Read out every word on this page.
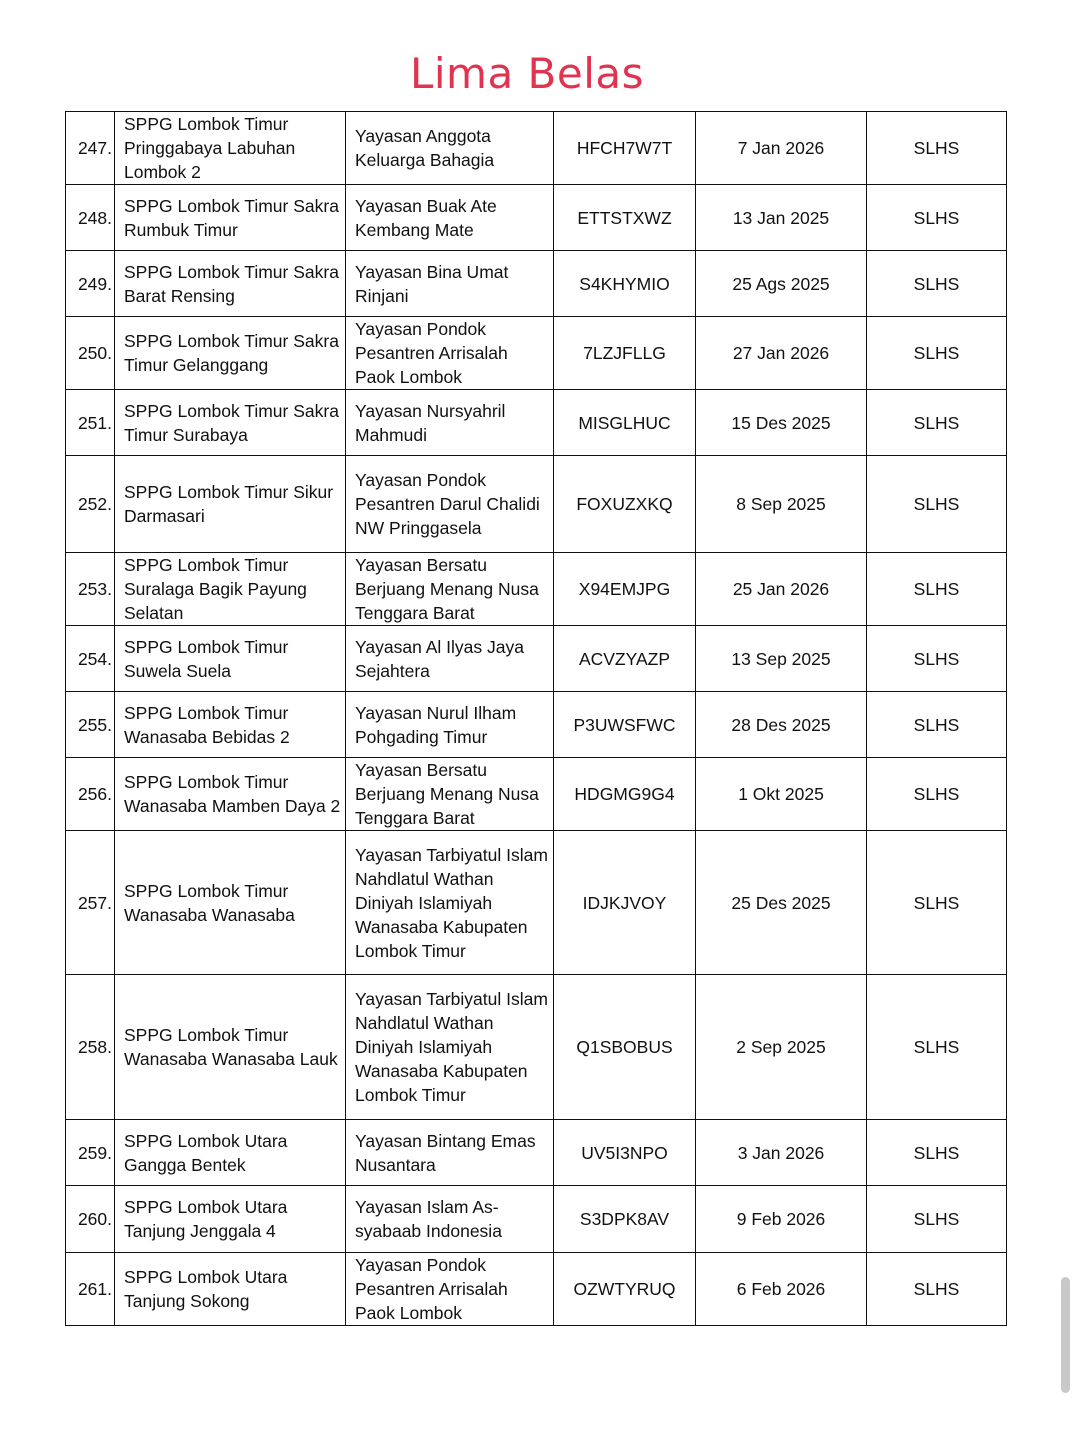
Lima Belas
247.	SPPG Lombok Timur Pringgabaya Labuhan Lombok 2	Yayasan Anggota Keluarga Bahagia	HFCH7W7T	7 Jan 2026	SLHS
248.	SPPG Lombok Timur Sakra Rumbuk Timur	Yayasan Buak Ate Kembang Mate	ETTSTXWZ	13 Jan 2025	SLHS
249.	SPPG Lombok Timur Sakra Barat Rensing	Yayasan Bina Umat Rinjani	S4KHYMIO	25 Ags 2025	SLHS
250.	SPPG Lombok Timur Sakra Timur Gelanggang	Yayasan Pondok Pesantren Arrisalah Paok Lombok	7LZJFLLG	27 Jan 2026	SLHS
251.	SPPG Lombok Timur Sakra Timur Surabaya	Yayasan Nursyahril Mahmudi	MISGLHUC	15 Des 2025	SLHS
252.	SPPG Lombok Timur Sikur Darmasari	Yayasan Pondok Pesantren Darul Chalidi NW Pringgasela	FOXUZXKQ	8 Sep 2025	SLHS
253.	SPPG Lombok Timur Suralaga Bagik Payung Selatan	Yayasan Bersatu Berjuang Menang Nusa Tenggara Barat	X94EMJPG	25 Jan 2026	SLHS
254.	SPPG Lombok Timur Suwela Suela	Yayasan Al Ilyas Jaya Sejahtera	ACVZYAZP	13 Sep 2025	SLHS
255.	SPPG Lombok Timur Wanasaba Bebidas 2	Yayasan Nurul Ilham Pohgading Timur	P3UWSFWC	28 Des 2025	SLHS
256.	SPPG Lombok Timur Wanasaba Mamben Daya 2	Yayasan Bersatu Berjuang Menang Nusa Tenggara Barat	HDGMG9G4	1 Okt 2025	SLHS
257.	SPPG Lombok Timur Wanasaba Wanasaba	Yayasan Tarbiyatul Islam Nahdlatul Wathan Diniyah Islamiyah Wanasaba Kabupaten Lombok Timur	IDJKJVOY	25 Des 2025	SLHS
258.	SPPG Lombok Timur Wanasaba Wanasaba Lauk	Yayasan Tarbiyatul Islam Nahdlatul Wathan Diniyah Islamiyah Wanasaba Kabupaten Lombok Timur	Q1SBOBUS	2 Sep 2025	SLHS
259.	SPPG Lombok Utara Gangga Bentek	Yayasan Bintang Emas Nusantara	UV5I3NPO	3 Jan 2026	SLHS
260.	SPPG Lombok Utara Tanjung Jenggala 4	Yayasan Islam As-syabaab Indonesia	S3DPK8AV	9 Feb 2026	SLHS
261.	SPPG Lombok Utara Tanjung Sokong	Yayasan Pondok Pesantren Arrisalah Paok Lombok	OZWTYRUQ	6 Feb 2026	SLHS
